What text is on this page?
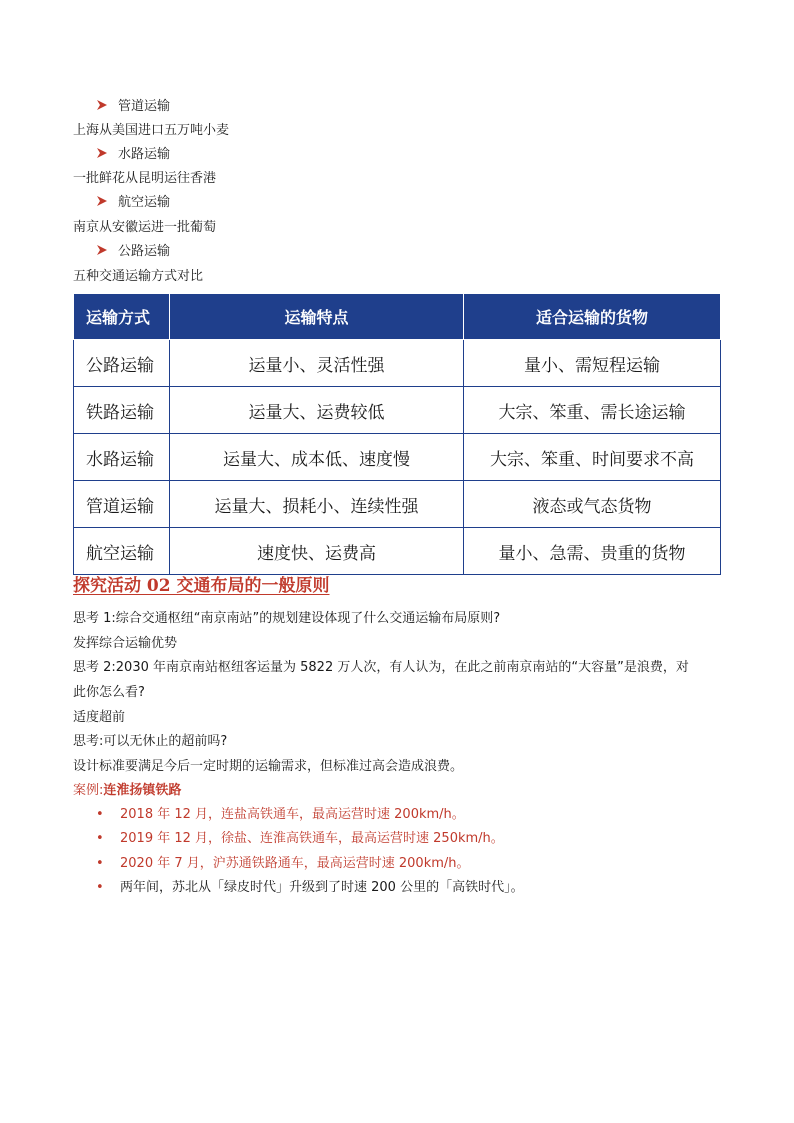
管道运输
上海从美国进口五万吨小麦
水路运输
一批鲜花从昆明运往香港
航空运输
南京从安徽运进一批葡萄
公路运输
五种交通运输方式对比
运输方式	运输特点	适合运输的货物
公路运输	运量小、灵活性强	量小、需短程运输
铁路运输	运量大、运费较低	大宗、笨重、需长途运输
水路运输	运量大、成本低、速度慢	大宗、笨重、时间要求不高
管道运输	运量大、损耗小、连续性强	液态或气态货物
航空运输	速度快、运费高	量小、急需、贵重的货物
探究活动 02 交通布局的一般原则
思考 1:综合交通枢纽“南京南站”的规划建设体现了什么交通运输布局原则?
发挥综合运输优势
思考 2:2030 年南京南站枢纽客运量为 5822 万人次，有人认为，在此之前南京南站的“大容量”是浪费，对
此你怎么看?
适度超前
思考:可以无休止的超前吗?
设计标准要满足今后一定时期的运输需求，但标准过高会造成浪费。
案例:连淮扬镇铁路
• 2018 年 12 月，连盐高铁通车，最高运营时速 200km/h。
• 2019 年 12 月，徐盐、连淮高铁通车，最高运营时速 250km/h。
• 2020 年 7 月，沪苏通铁路通车，最高运营时速 200km/h。
• 两年间，苏北从「绿皮时代」升级到了时速 200 公里的「高铁时代」。
